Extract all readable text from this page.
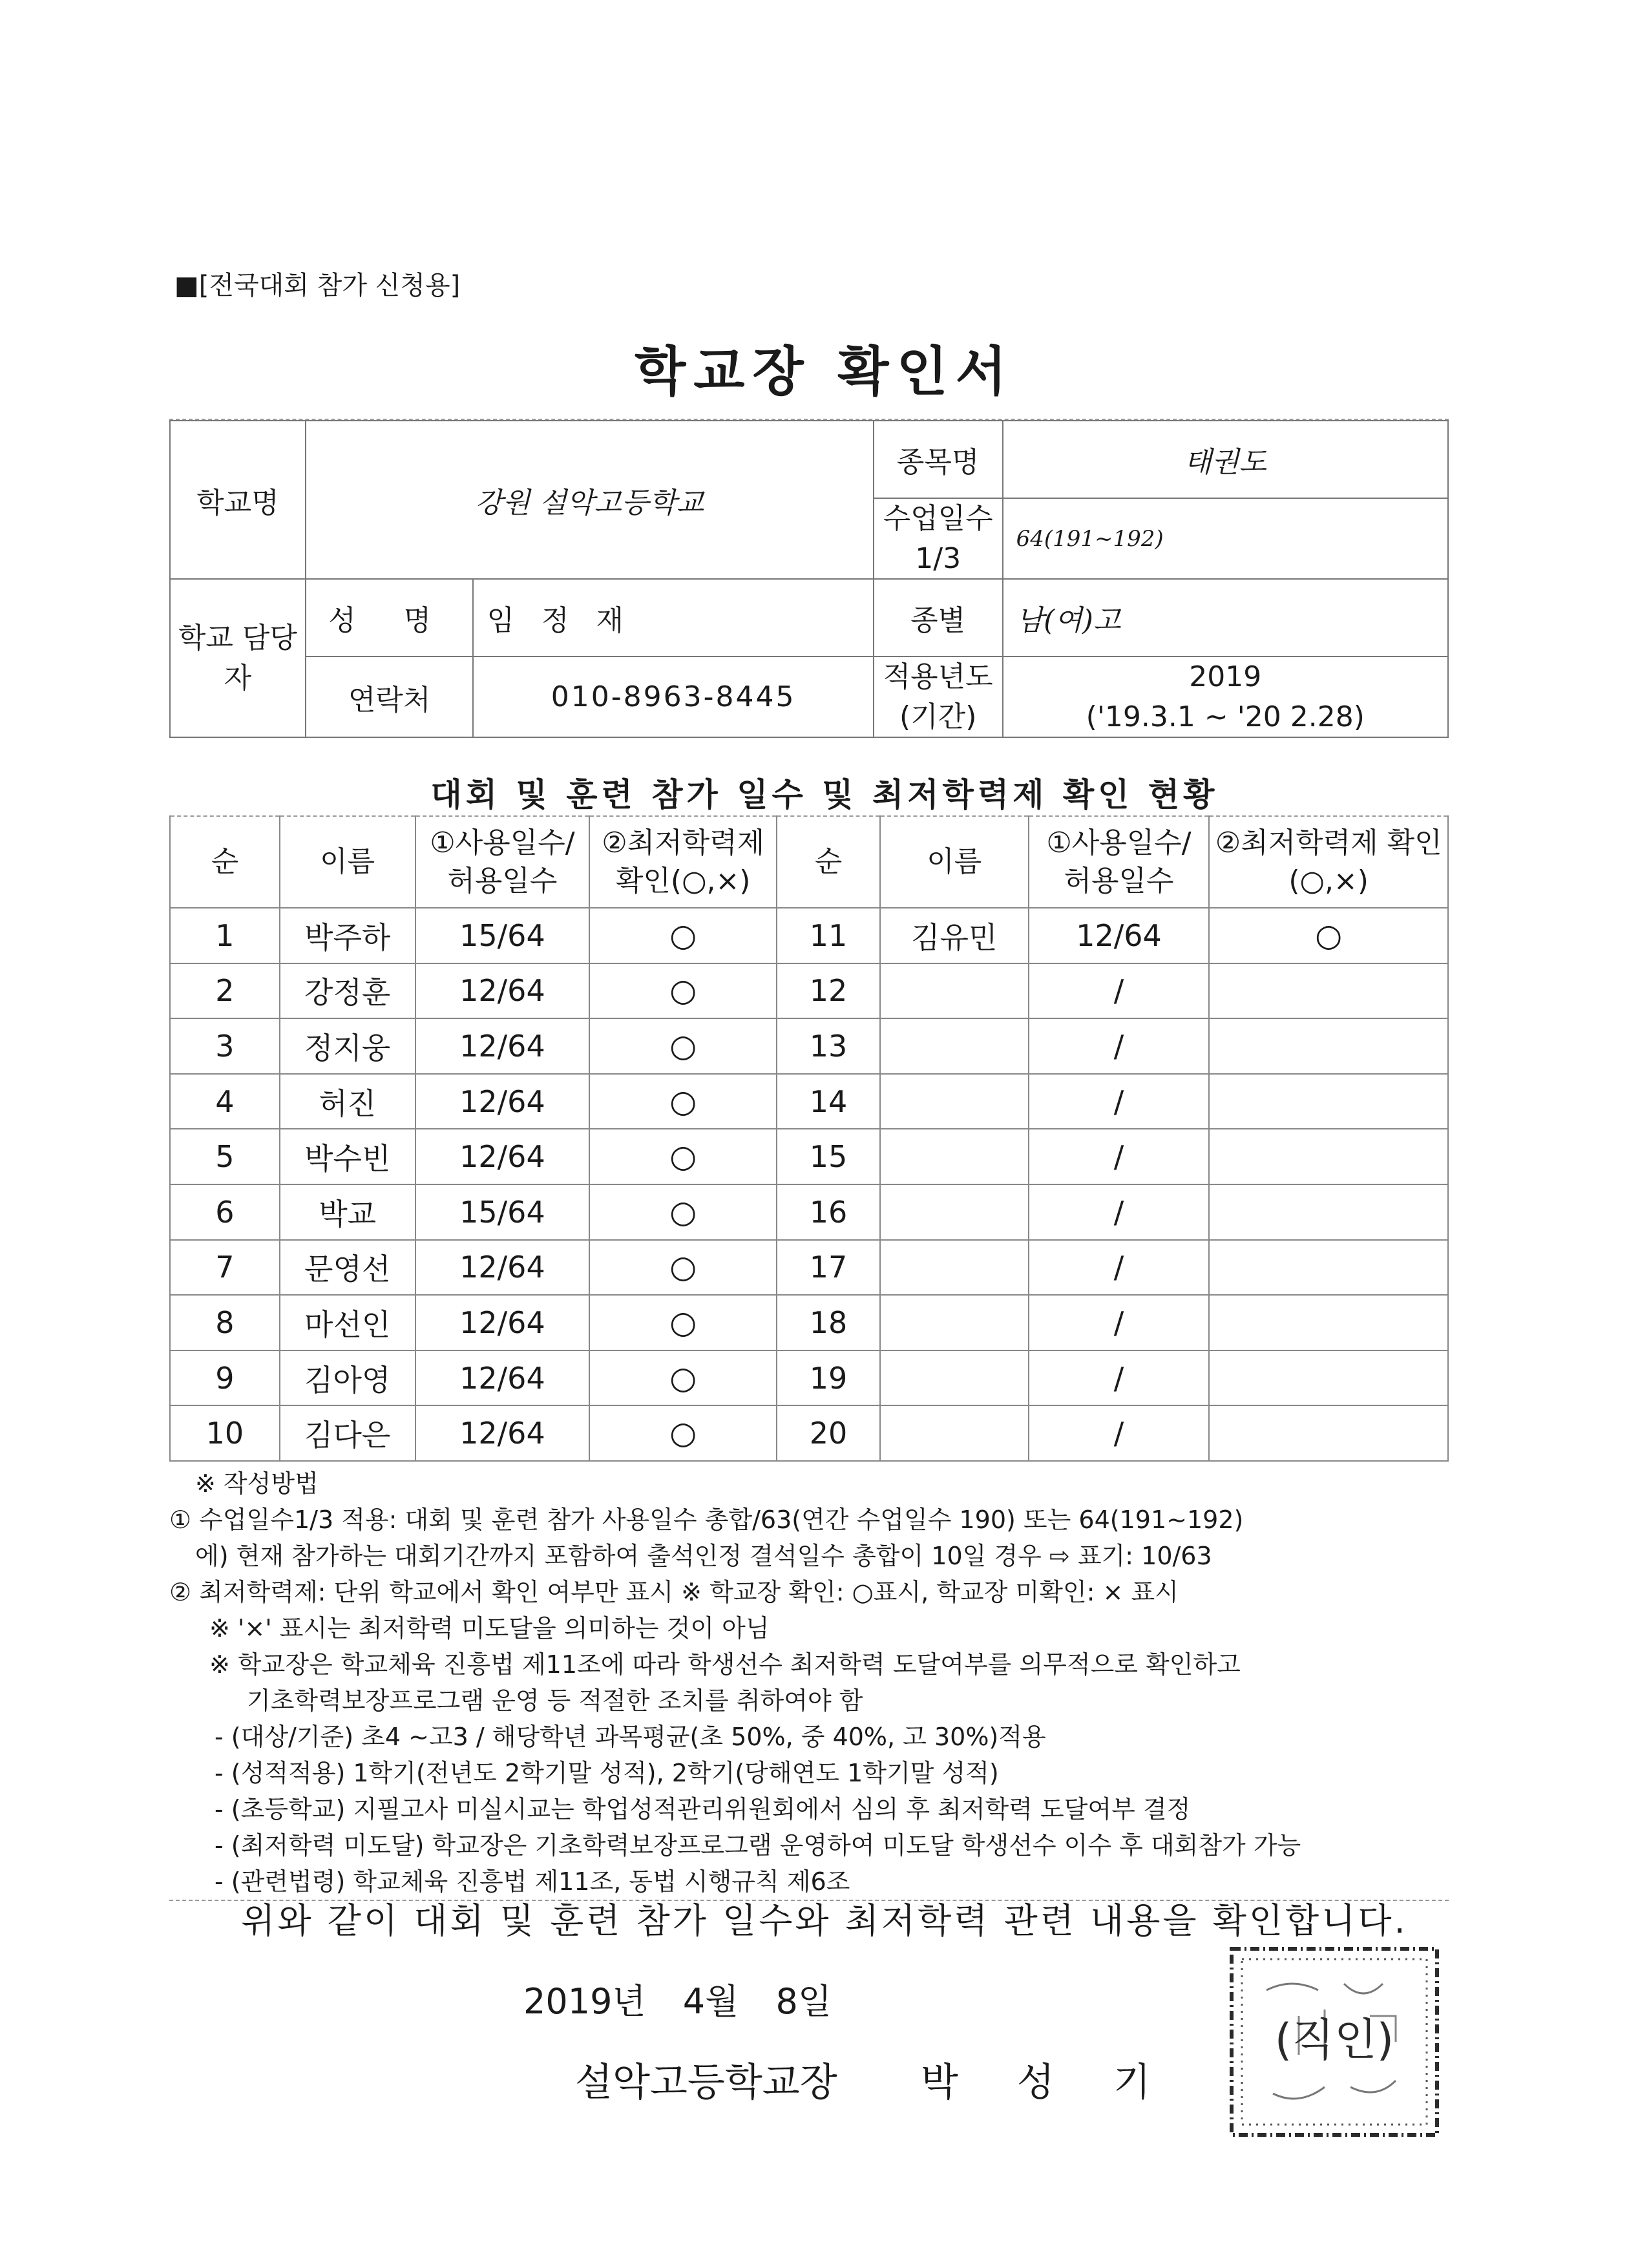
■[전국대회 참가 신청용]
학교장 확인서
학교명	강원 설악고등학교		종목명	태권도
			수업일수 1/3	64(191~192)
학교 담당자	성 명	임 정 재	종별	남(여)고
	연락처	010-8963-8445	적용년도 (기간)	2019
('19.3.1 ~ '20 2.28)
대회 및 훈련 참가 일수 및 최저학력제 확인 현황
순	이름	①사용일수/ 허용일수	②최저학력제 확인(○,×)	순	이름	①사용일수/ 허용일수	②최저학력제 확인(○,×)
1	박주하	15/64	○	11	김유민	12/64	○
2	강정훈	12/64	○	12		/	
3	정지웅	12/64	○	13		/	
4	허진	12/64	○	14		/	
5	박수빈	12/64	○	15		/	
6	박교	15/64	○	16		/	
7	문영선	12/64	○	17		/	
8	마선인	12/64	○	18		/	
9	김아영	12/64	○	19		/	
10	김다은	12/64	○	20		/	
※ 작성방법
① 수업일수1/3 적용: 대회 및 훈련 참가 사용일수 총합/63(연간 수업일수 190) 또는 64(191~192)
에) 현재 참가하는 대회기간까지 포함하여 출석인정 결석일수 총합이 10일 경우 ⇨ 표기: 10/63
② 최저학력제: 단위 학교에서 확인 여부만 표시 ※ 학교장 확인: ○표시, 학교장 미확인: × 표시
※ '×' 표시는 최저학력 미도달을 의미하는 것이 아님
※ 학교장은 학교체육 진흥법 제11조에 따라 학생선수 최저학력 도달여부를 의무적으로 확인하고
기초학력보장프로그램 운영 등 적절한 조치를 취하여야 함
- (대상/기준) 초4 ~고3 / 해당학년 과목평균(초 50%, 중 40%, 고 30%)적용
- (성적적용) 1학기(전년도 2학기말 성적), 2학기(당해연도 1학기말 성적)
- (초등학교) 지필고사 미실시교는 학업성적관리위원회에서 심의 후 최저학력 도달여부 결정
- (최저학력 미도달) 학교장은 기초학력보장프로그램 운영하여 미도달 학생선수 이수 후 대회참가 가능
- (관련법령) 학교체육 진흥법 제11조, 동법 시행규칙 제6조
위와 같이 대회 및 훈련 참가 일수와 최저학력 관련 내용을 확인합니다.
2019년 4월 8일
설악고등학교장 박 성 기
(직인)
